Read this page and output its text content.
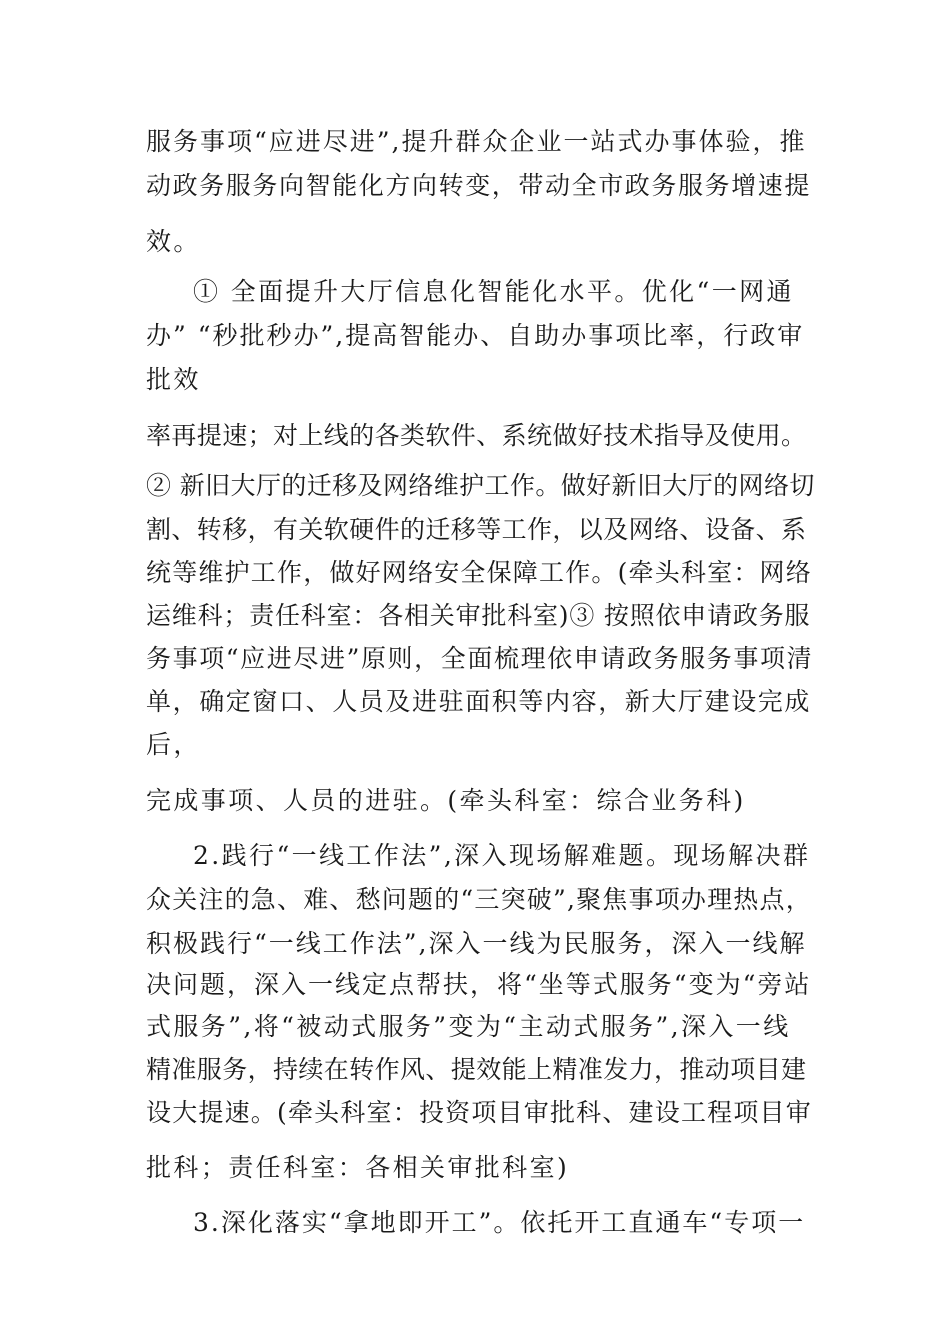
服务事项“应进尽进”,提升群众企业一站式办事体验，推
动政务服务向智能化方向转变，带动全市政务服务增速提
效。
① 全面提升大厅信息化智能化水平。优化“一网通
办” “秒批秒办”,提高智能办、自助办事项比率，行政审
批效
率再提速；对上线的各类软件、系统做好技术指导及使用。
② 新旧大厅的迁移及网络维护工作。做好新旧大厅的网络切
割、转移，有关软硬件的迁移等工作，以及网络、设备、系
统等维护工作，做好网络安全保障工作。(牵头科室：网络
运维科；责任科室：各相关审批科室)③ 按照依申请政务服
务事项“应进尽进”原则，全面梳理依申请政务服务事项清
单，确定窗口、人员及进驻面积等内容，新大厅建设完成
后，
完成事项、人员的进驻。(牵头科室：综合业务科)
2.践行“一线工作法”,深入现场解难题。现场解决群
众关注的急、难、愁问题的“三突破”,聚焦事项办理热点，
积极践行“一线工作法”,深入一线为民服务，深入一线解
决问题，深入一线定点帮扶，将“坐等式服务“变为“旁站
式服务”,将“被动式服务”变为“主动式服务”,深入一线
精准服务，持续在转作风、提效能上精准发力，推动项目建
设大提速。(牵头科室：投资项目审批科、建设工程项目审
批科；责任科室：各相关审批科室)
3.深化落实“拿地即开工”。依托开工直通车“专项一
